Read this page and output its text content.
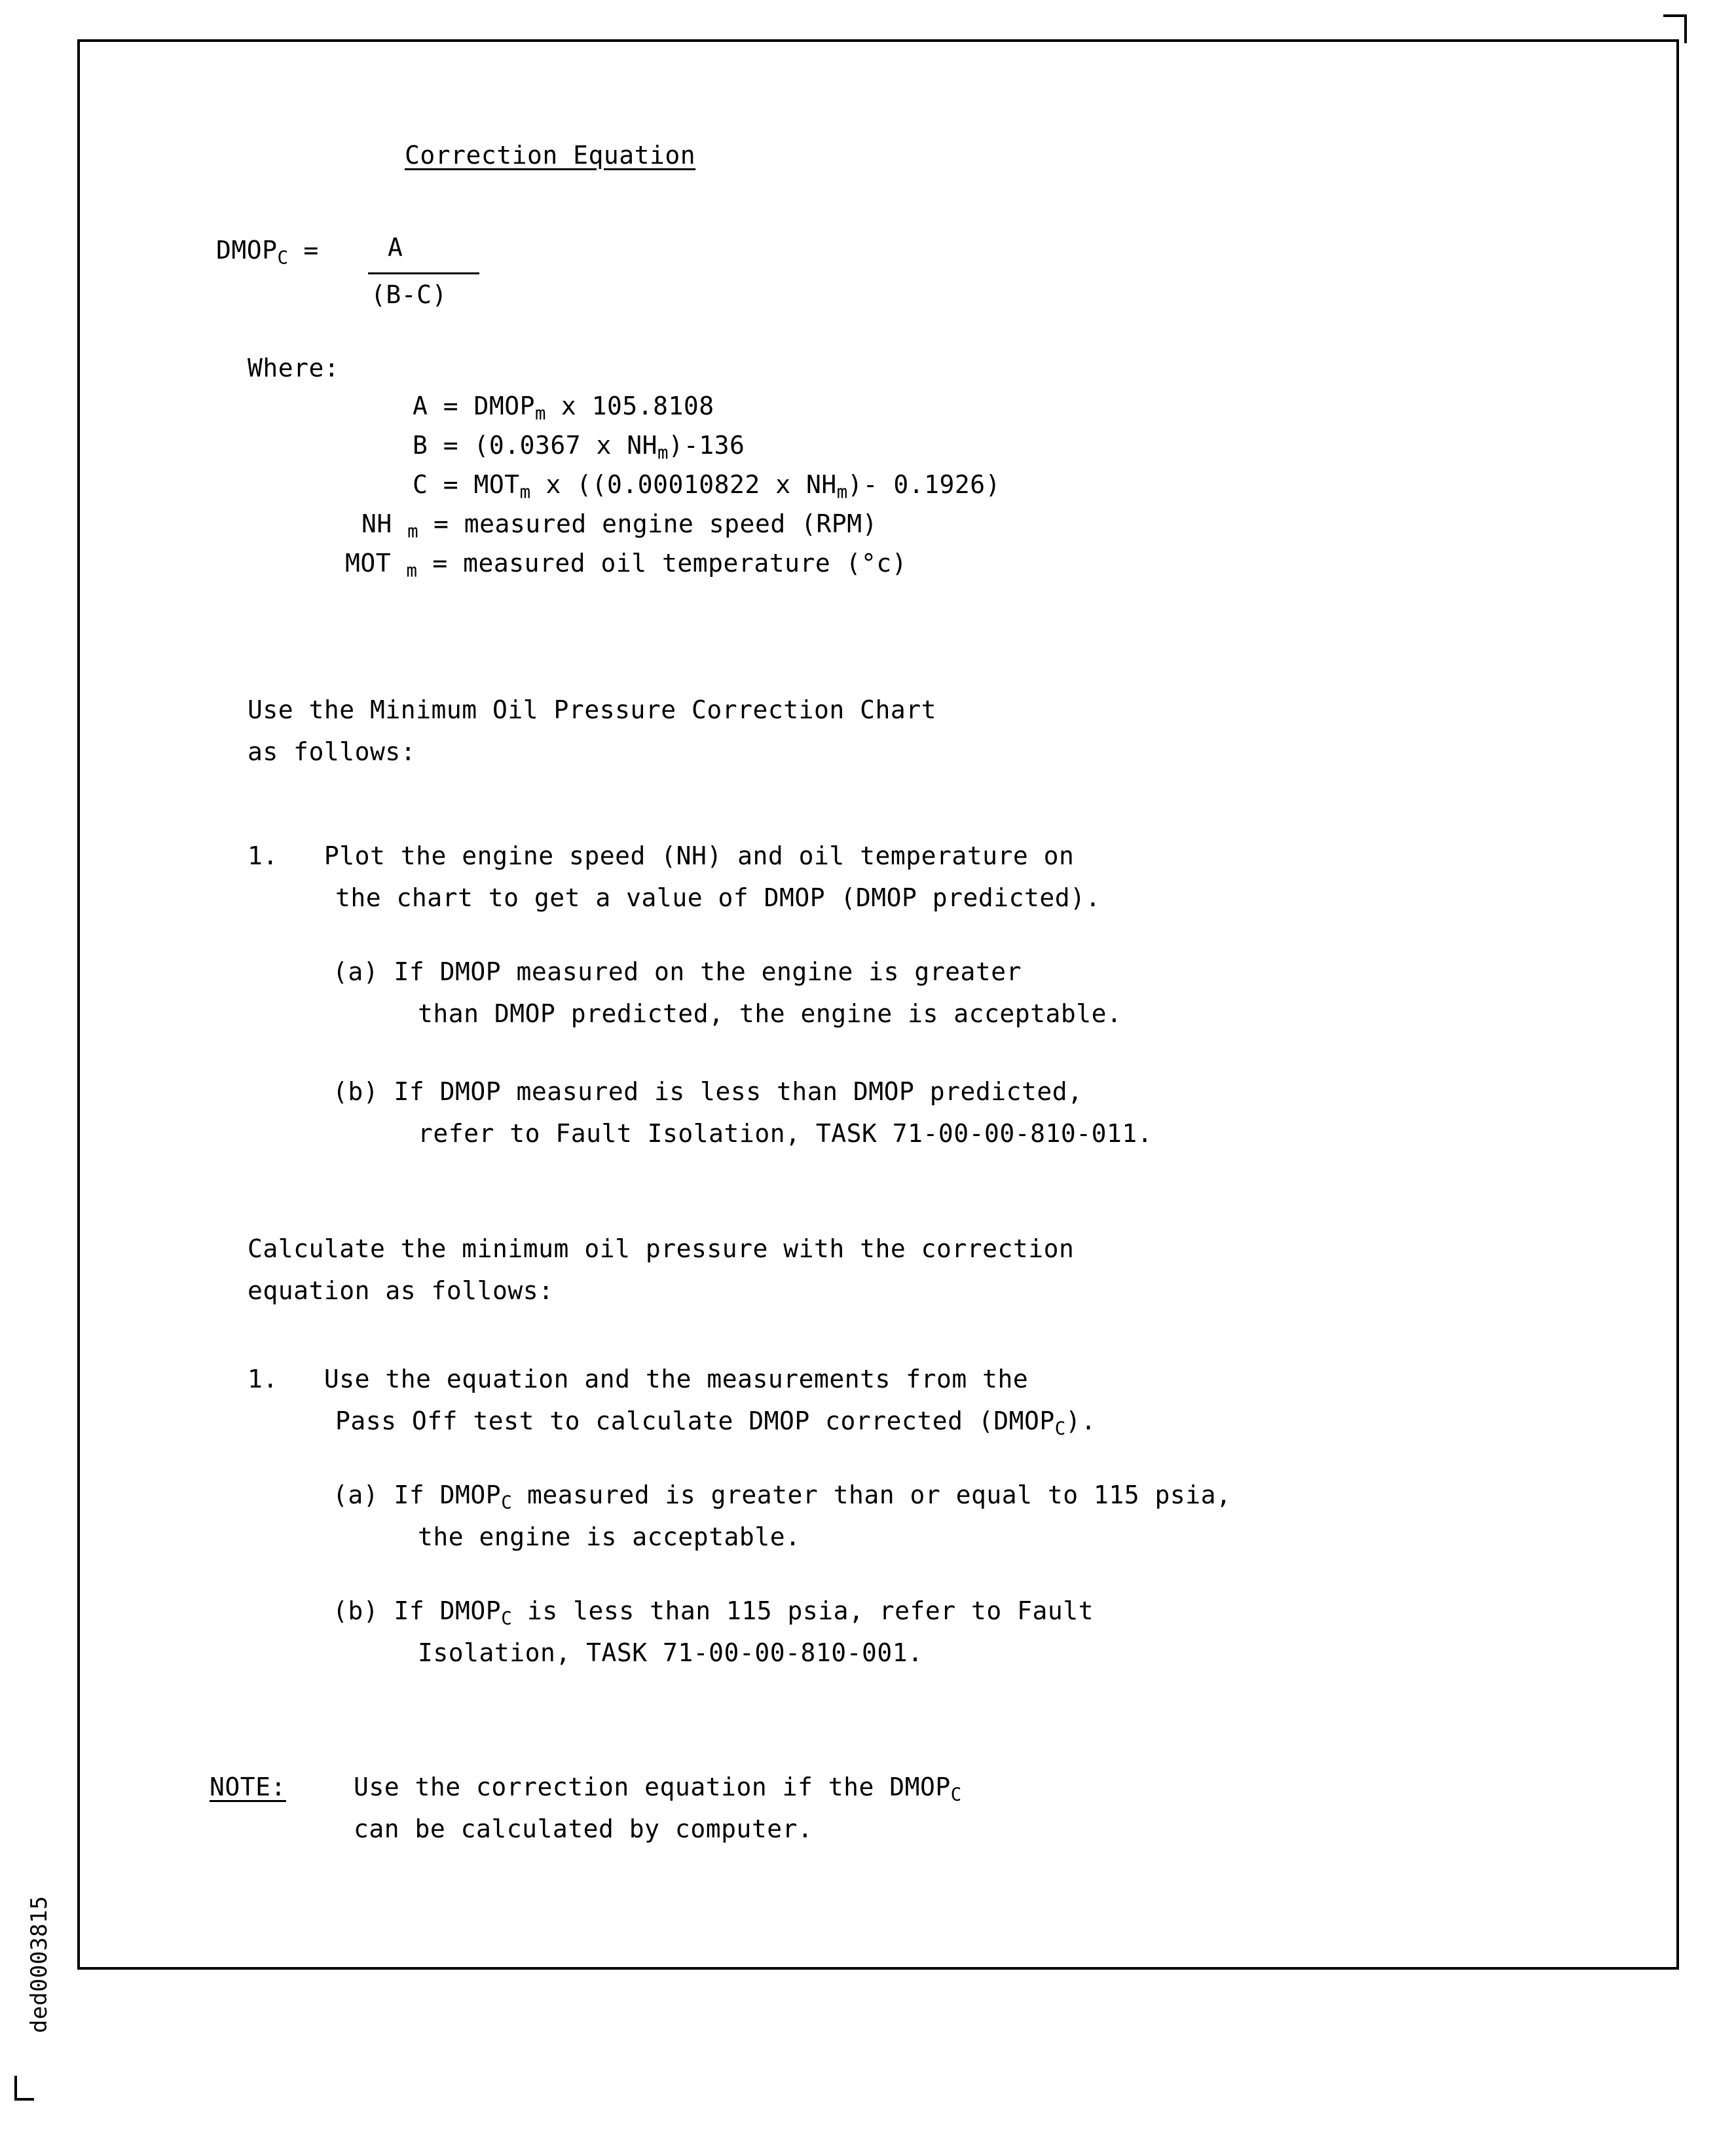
ded0003815
Correction Equation
$DMOP_C = A$
(B-C)
Where:
$A = DMOP_m$ x 105.8108
B = (0.0367 x $NH_m)-136$
$C = MOT_m$ x ((0.00010822 x $NH_m)-$ 0.1926)
NH $_m$ = measured engine speed (RPM)
MOT $_m$ = measured oil temperature (°c)
Use the Minimum Oil Pressure Correction Chart
as follows:
1. Plot the engine speed (NH) and oil temperature on
the chart to get a value of DMOP (DMOP predicted).
(a) If DMOP measured on the engine is greater
than DMOP predicted, the engine is acceptable.
(b) If DMOP measured is less than DMOP predicted,
refer to Fault Isolation, TASK 71-00-00-810-011.
Calculate the minimum oil pressure with the correction
equation as follows:
1. Use the equation and the measurements from the
Pass Off test to calculate DMOP corrected $(DMOP_C)$.
(a) If $DMOP_C$ measured is greater than or equal to 115 psia,
the engine is acceptable.
(b) If $DMOP_C$ is less than 115 psia, refer to Fault
Isolation, TASK 71-00-00-810-001.
NOTE:	Use the correction equation if the $DMOP_C$
can be calculated by computer.
